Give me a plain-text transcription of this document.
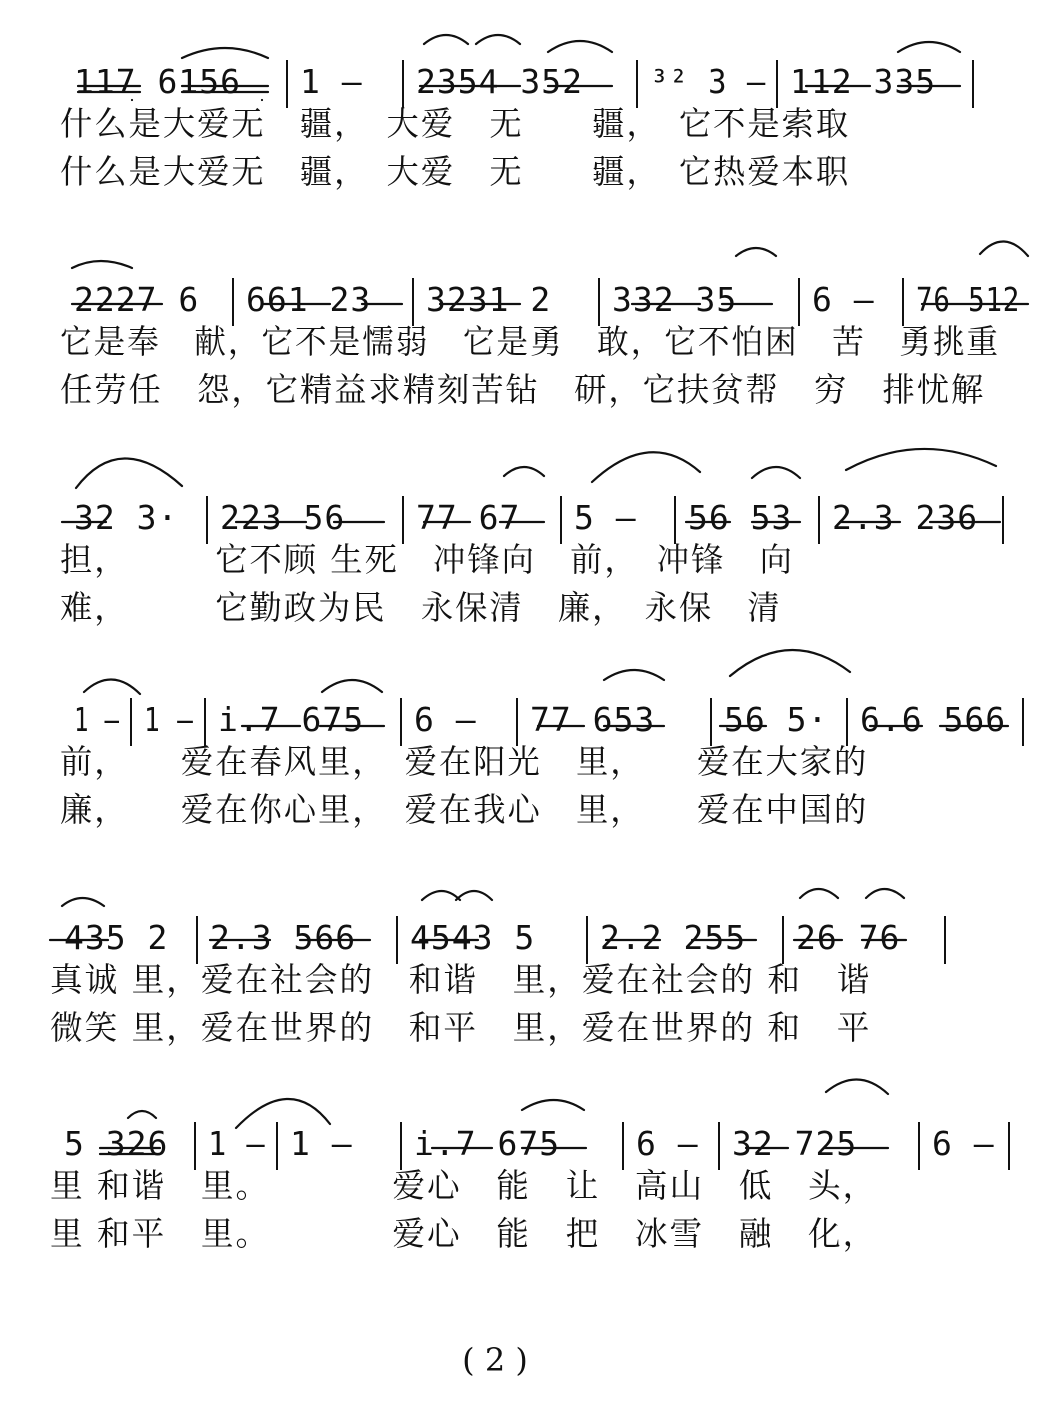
117 6156	1 —	2354 352	³² 3 — 112 335
什么是大爱无　疆，　大爱　无　　疆，　它不是索取
什么是大爱无　疆，　大爱　无　　疆，　它热爱本职
2227 6	661 23	3231 2	332 35	6 —	76 512
它是奉　献，它不是懦弱　它是勇　敢，它不怕困　苦　勇挑重
任劳任　怨，它精益求精刻苦钻　研，它扶贫帮　穷　排忧解
32 3·	223 56	77 67	5 —	56 53	2.3 236
担，　　　它不顾 生死　冲锋向　前，　冲锋　向
难，　　　它勤政为民　永保清　廉，　永保　清
1 — 1 — i.7 675	6 —	77 653	56 5· 6.6 566
前，　　爱在春风里，　爱在阳光　里，　　爱在大家的
廉，　　爱在你心里，　爱在我心　里，　　爱在中国的
435 2	2.3 566	4543 5	2.2 255	26 76
真诚 里，爱在社会的　和谐　里，爱在社会的 和　谐
微笑 里，爱在世界的　和平　里，爱在世界的 和　平
5 326	1 — 1 —	i.7 675	6 — 32 725	6 —
里 和谐　里。　　　　爱心　能　让　高山　低　头，
里 和平　里。　　　　爱心　能　把　冰雪　融　化，
( 2 )
